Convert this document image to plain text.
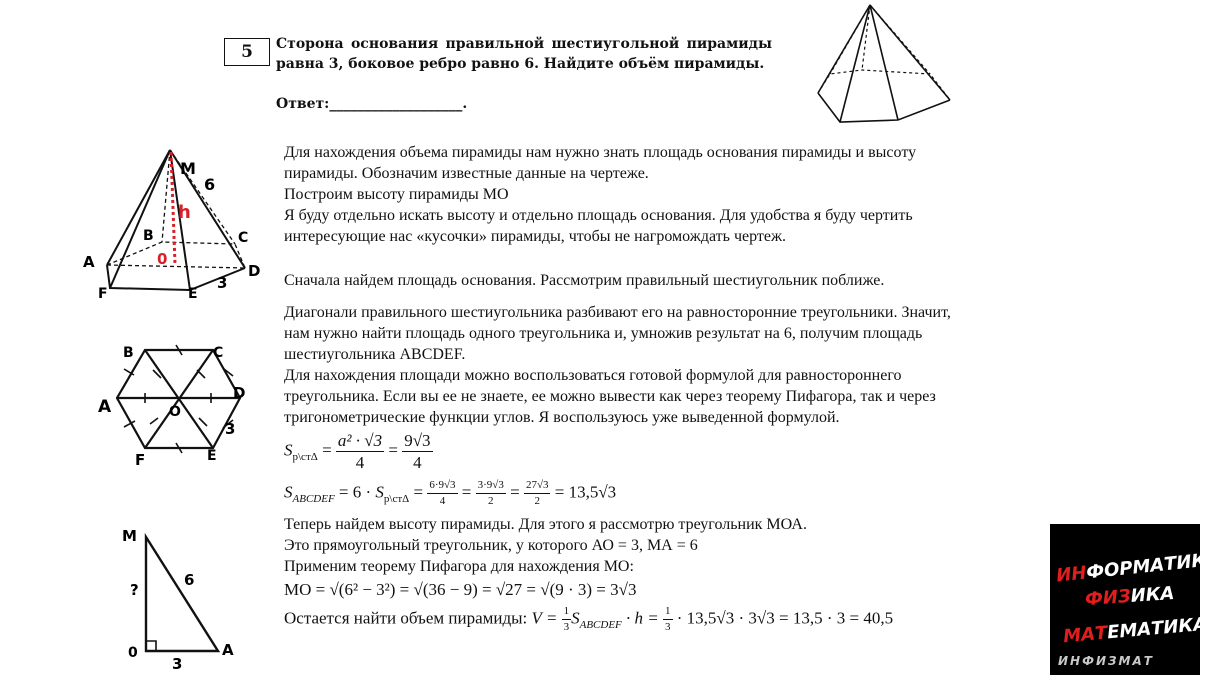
5	Сторона основания правильной шестиугольной пирамиды равна 3, боковое ребро равно 6. Найдите объём пирамиды.
Ответ:___________________.
M
6
h
B	C
0
A	D
F	E
3
B	C
A	O
D
F	E
3
M
?
6
0	A
3
Для нахождения объема пирамиды нам нужно знать площадь основания пирамиды и высоту
пирамиды. Обозначим известные данные на чертеже.
Построим высоту пирамиды МО
Я буду отдельно искать высоту и отдельно площадь основания. Для удобства я буду чертить
интересующие нас «кусочки» пирамиды, чтобы не нагромождать чертеж.
Сначала найдем площадь основания. Рассмотрим правильный шестиугольник поближе.
Диагонали правильного шестиугольника разбивают его на равносторонние треугольники. Значит,
нам нужно найти площадь одного треугольника и, умножив результат на 6, получим площадь
шестиугольника ABCDEF.
Для нахождения площади можно воспользоваться готовой формулой для равностороннего
треугольника. Если вы ее не знаете, ее можно вывести как через теорему Пифагора, так и через
тригонометрические функции углов. Я воспользуюсь уже выведенной формулой.
$S_{р\backslash ст\Delta} = \frac{\text{a² · √3}}{4} = \frac{9√3}{4}$
$S_{ABCDEF} = 6 \cdot S_{р\backslash ст\Delta} = \frac{6\cdot 9√3}{4} = \frac{3\cdot 9√3}{2} = \frac{27√3}{2} = 13,5√3$
Теперь найдем высоту пирамиды. Для этого я рассмотрю треугольник МОА.
Это прямоугольный треугольник, у которого АО = 3, МА = 6
Применим теорему Пифагора для нахождения МО:
MO = √(6² − 3²) = √(36 − 9) = √27 = √(9 · 3) = 3√3
Остается найти объем пирамиды: $V = \frac{1}{3} S_{ABCDEF} \cdot h = \frac{1}{3} \cdot 13,5√3 \cdot 3√3 = 13,5 \cdot 3 = 40,5$
ИНФОРМАТИКА
ФИЗИКА
МАТЕМАТИКА
ИНФИЗМАТ
